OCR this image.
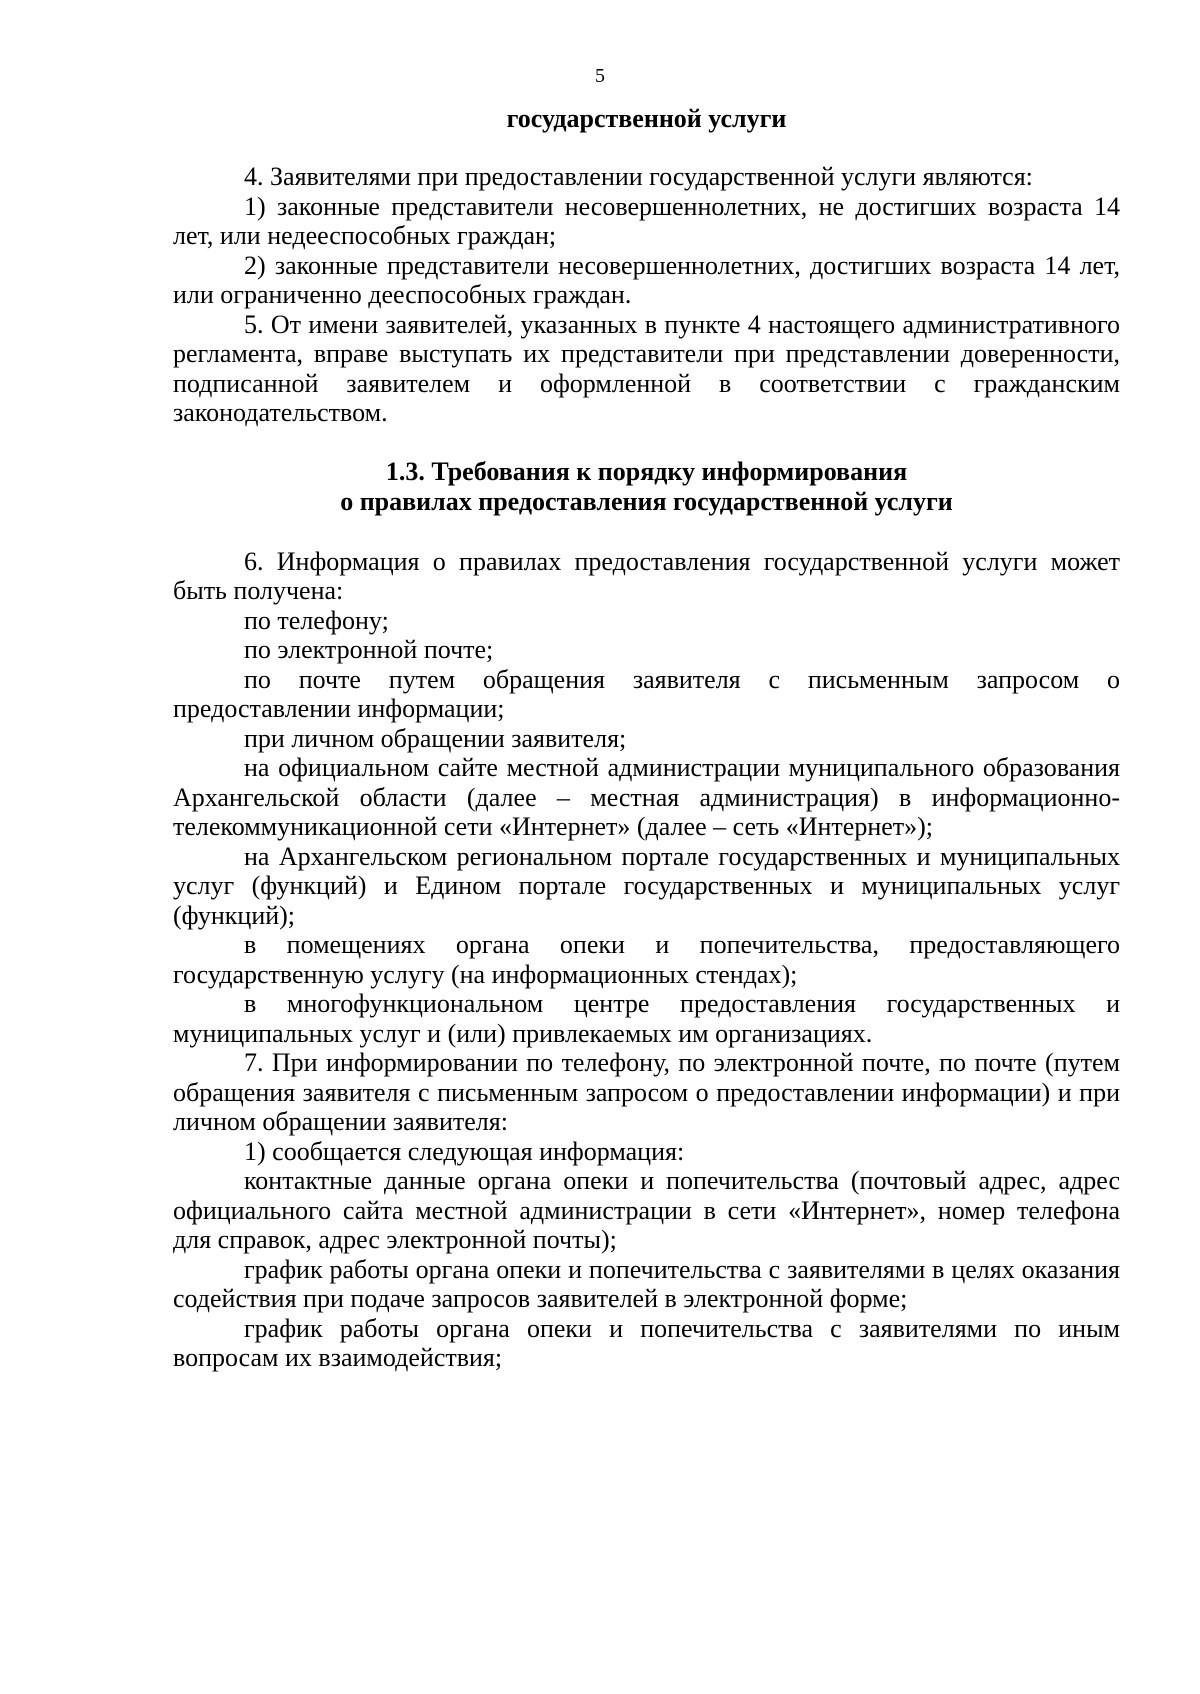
5
государственной услуги

4. Заявителями при предоставлении государственной услуги являются:

1) законные представители несовершеннолетних, не достигших возраста 14 лет, или недееспособных граждан;

2) законные представители несовершеннолетних, достигших возраста 14 лет, или ограниченно дееспособных граждан.

5. От имени заявителей, указанных в пункте 4 настоящего административного регламента, вправе выступать их представители при представлении доверенности, подписанной заявителем и оформленной в соответствии с гражданским законодательством.

1.3. Требования к порядку информирования
о правилах предоставления государственной услуги

6. Информация о правилах предоставления государственной услуги может быть получена:

по телефону;

по электронной почте;

по почте путем обращения заявителя с письменным запросом о предоставлении информации;

при личном обращении заявителя;

на официальном сайте местной администрации муниципального образования Архангельской области (далее – местная администрация) в информационно-телекоммуникационной сети «Интернет» (далее – сеть «Интернет»);

на Архангельском региональном портале государственных и муниципальных услуг (функций) и Едином портале государственных и муниципальных услуг (функций);

в помещениях органа опеки и попечительства, предоставляющего государственную услугу (на информационных стендах);

в многофункциональном центре предоставления государственных и муниципальных услуг и (или) привлекаемых им организациях.

7. При информировании по телефону, по электронной почте, по почте (путем обращения заявителя с письменным запросом о предоставлении информации) и при личном обращении заявителя:

1) сообщается следующая информация:

контактные данные органа опеки и попечительства (почтовый адрес, адрес официального сайта местной администрации в сети «Интернет», номер телефона для справок, адрес электронной почты);

график работы органа опеки и попечительства с заявителями в целях оказания содействия при подаче запросов заявителей в электронной форме;

график работы органа опеки и попечительства с заявителями по иным вопросам их взаимодействия;
